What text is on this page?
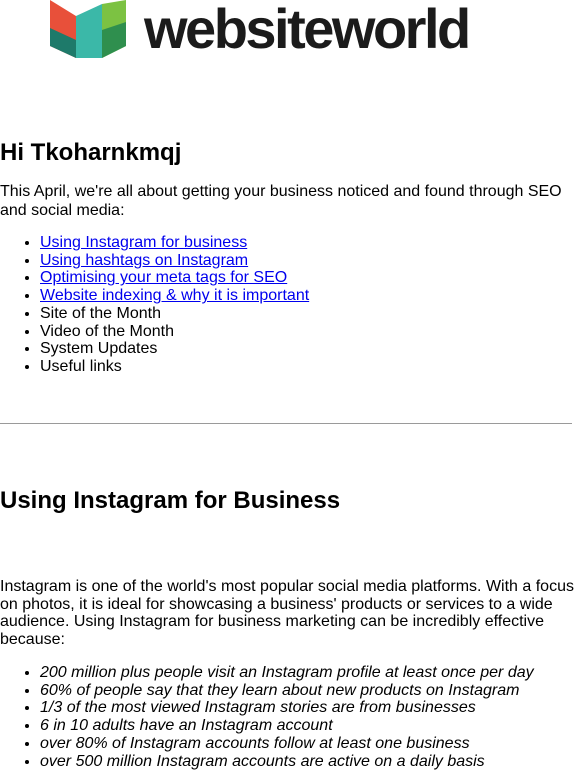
websiteworld
Hi Tkoharnkmqj

This April, we're all about getting your business noticed and found through SEO and social media:

• Using Instagram for business
• Using hashtags on Instagram
• Optimising your meta tags for SEO
• Website indexing & why it is important
• Site of the Month
• Video of the Month
• System Updates
• Useful links
Using Instagram for Business

Instagram is one of the world's most popular social media platforms. With a focus on photos, it is ideal for showcasing a business' products or services to a wide audience. Using Instagram for business marketing can be incredibly effective because:

• 200 million plus people visit an Instagram profile at least once per day
• 60% of people say that they learn about new products on Instagram
• 1/3 of the most viewed Instagram stories are from businesses
• 6 in 10 adults have an Instagram account
• over 80% of Instagram accounts follow at least one business
• over 500 million Instagram accounts are active on a daily basis
